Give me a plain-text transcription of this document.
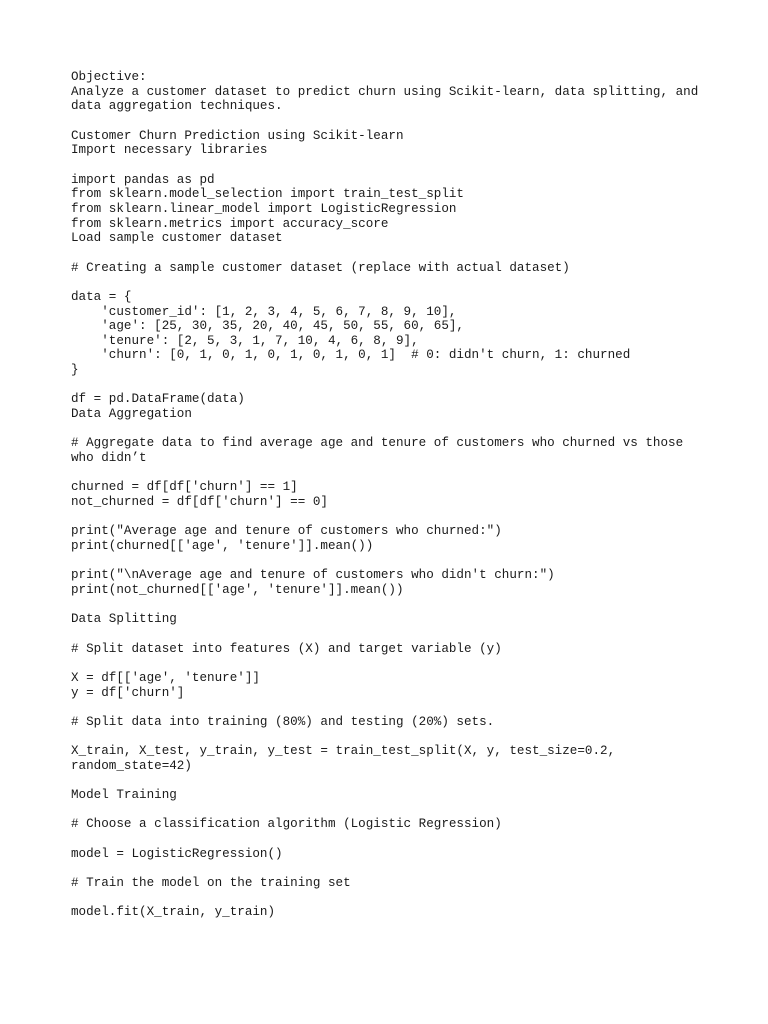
Objective:
Analyze a customer dataset to predict churn using Scikit-learn, data splitting, and
data aggregation techniques.
Customer Churn Prediction using Scikit-learn
Import necessary libraries
import pandas as pd
from sklearn.model_selection import train_test_split
from sklearn.linear_model import LogisticRegression
from sklearn.metrics import accuracy_score
Load sample customer dataset
# Creating a sample customer dataset (replace with actual dataset)
data = {
'customer_id': [1, 2, 3, 4, 5, 6, 7, 8, 9, 10],
'age': [25, 30, 35, 20, 40, 45, 50, 55, 60, 65],
'tenure': [2, 5, 3, 1, 7, 10, 4, 6, 8, 9],
'churn': [0, 1, 0, 1, 0, 1, 0, 1, 0, 1]  # 0: didn't churn, 1: churned
}
df = pd.DataFrame(data)
Data Aggregation
# Aggregate data to find average age and tenure of customers who churned vs those
who didn’t
churned = df[df['churn'] == 1]
not_churned = df[df['churn'] == 0]
print("Average age and tenure of customers who churned:")
print(churned[['age', 'tenure']].mean())
print("\nAverage age and tenure of customers who didn't churn:")
print(not_churned[['age', 'tenure']].mean())
Data Splitting
# Split dataset into features (X) and target variable (y)
X = df[['age', 'tenure']]
y = df['churn']
# Split data into training (80%) and testing (20%) sets.
X_train, X_test, y_train, y_test = train_test_split(X, y, test_size=0.2,
random_state=42)
Model Training
# Choose a classification algorithm (Logistic Regression)
model = LogisticRegression()
# Train the model on the training set
model.fit(X_train, y_train)
